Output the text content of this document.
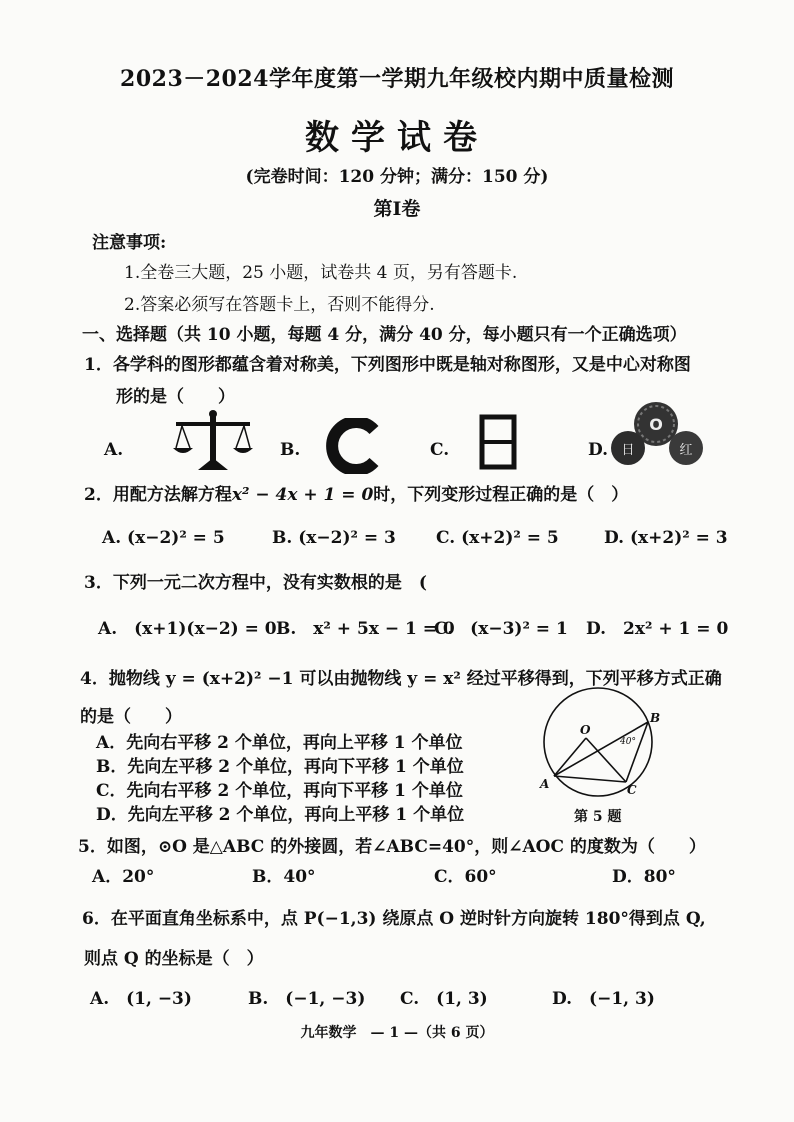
2023－2024学年度第一学期九年级校内期中质量检测
数学试卷
(完卷时间：120 分钟；满分：150 分)
第Ⅰ卷
注意事项:
1.全卷三大题，25 小题，试卷共 4 页，另有答题卡.
2.答案必须写在答题卡上，否则不能得分.
一、选择题（共 10 小题，每题 4 分，满分 40 分，每小题只有一个正确选项）
1．各学科的图形都蕴含着对称美，下列图形中既是轴对称图形，又是中心对称图
形的是（　　）
A.	B.	C.	D.
O
日	红
2．用配方法解方程x² − 4x + 1 = 0时，下列变形过程正确的是（　）
A. (x−2)² = 5	B. (x−2)² = 3 C. (x+2)² = 5	D. (x+2)² = 3
3．下列一元二次方程中，没有实数根的是　(
A.　(x+1)(x−2) = 0 B.　x² + 5x − 1 = 0
C.　(x−3)² = 1 D.　2x² + 1 = 0
4．抛物线 y = (x+2)² −1 可以由抛物线 y = x² 经过平移得到，下列平移方式正确
的是（　　）
A．先向右平移 2 个单位，再向上平移 1 个单位
B．先向左平移 2 个单位，再向下平移 1 个单位
C．先向右平移 2 个单位，再向下平移 1 个单位
D．先向左平移 2 个单位，再向上平移 1 个单位
O
B
A	C
40°
第 5 题
5．如图，⊙O 是△ABC 的外接圆，若∠ABC=40°，则∠AOC 的度数为（　　）
A．20°	B．40°	C．60°	D．80°
6．在平面直角坐标系中，点 P(−1,3) 绕原点 O 逆时针方向旋转 180°得到点 Q,
则点 Q 的坐标是（　）
A.　(1, −3)	B.　(−1, −3) C.　(1, 3)	D.　(−1, 3)
九年数学　— 1 —（共 6 页）
